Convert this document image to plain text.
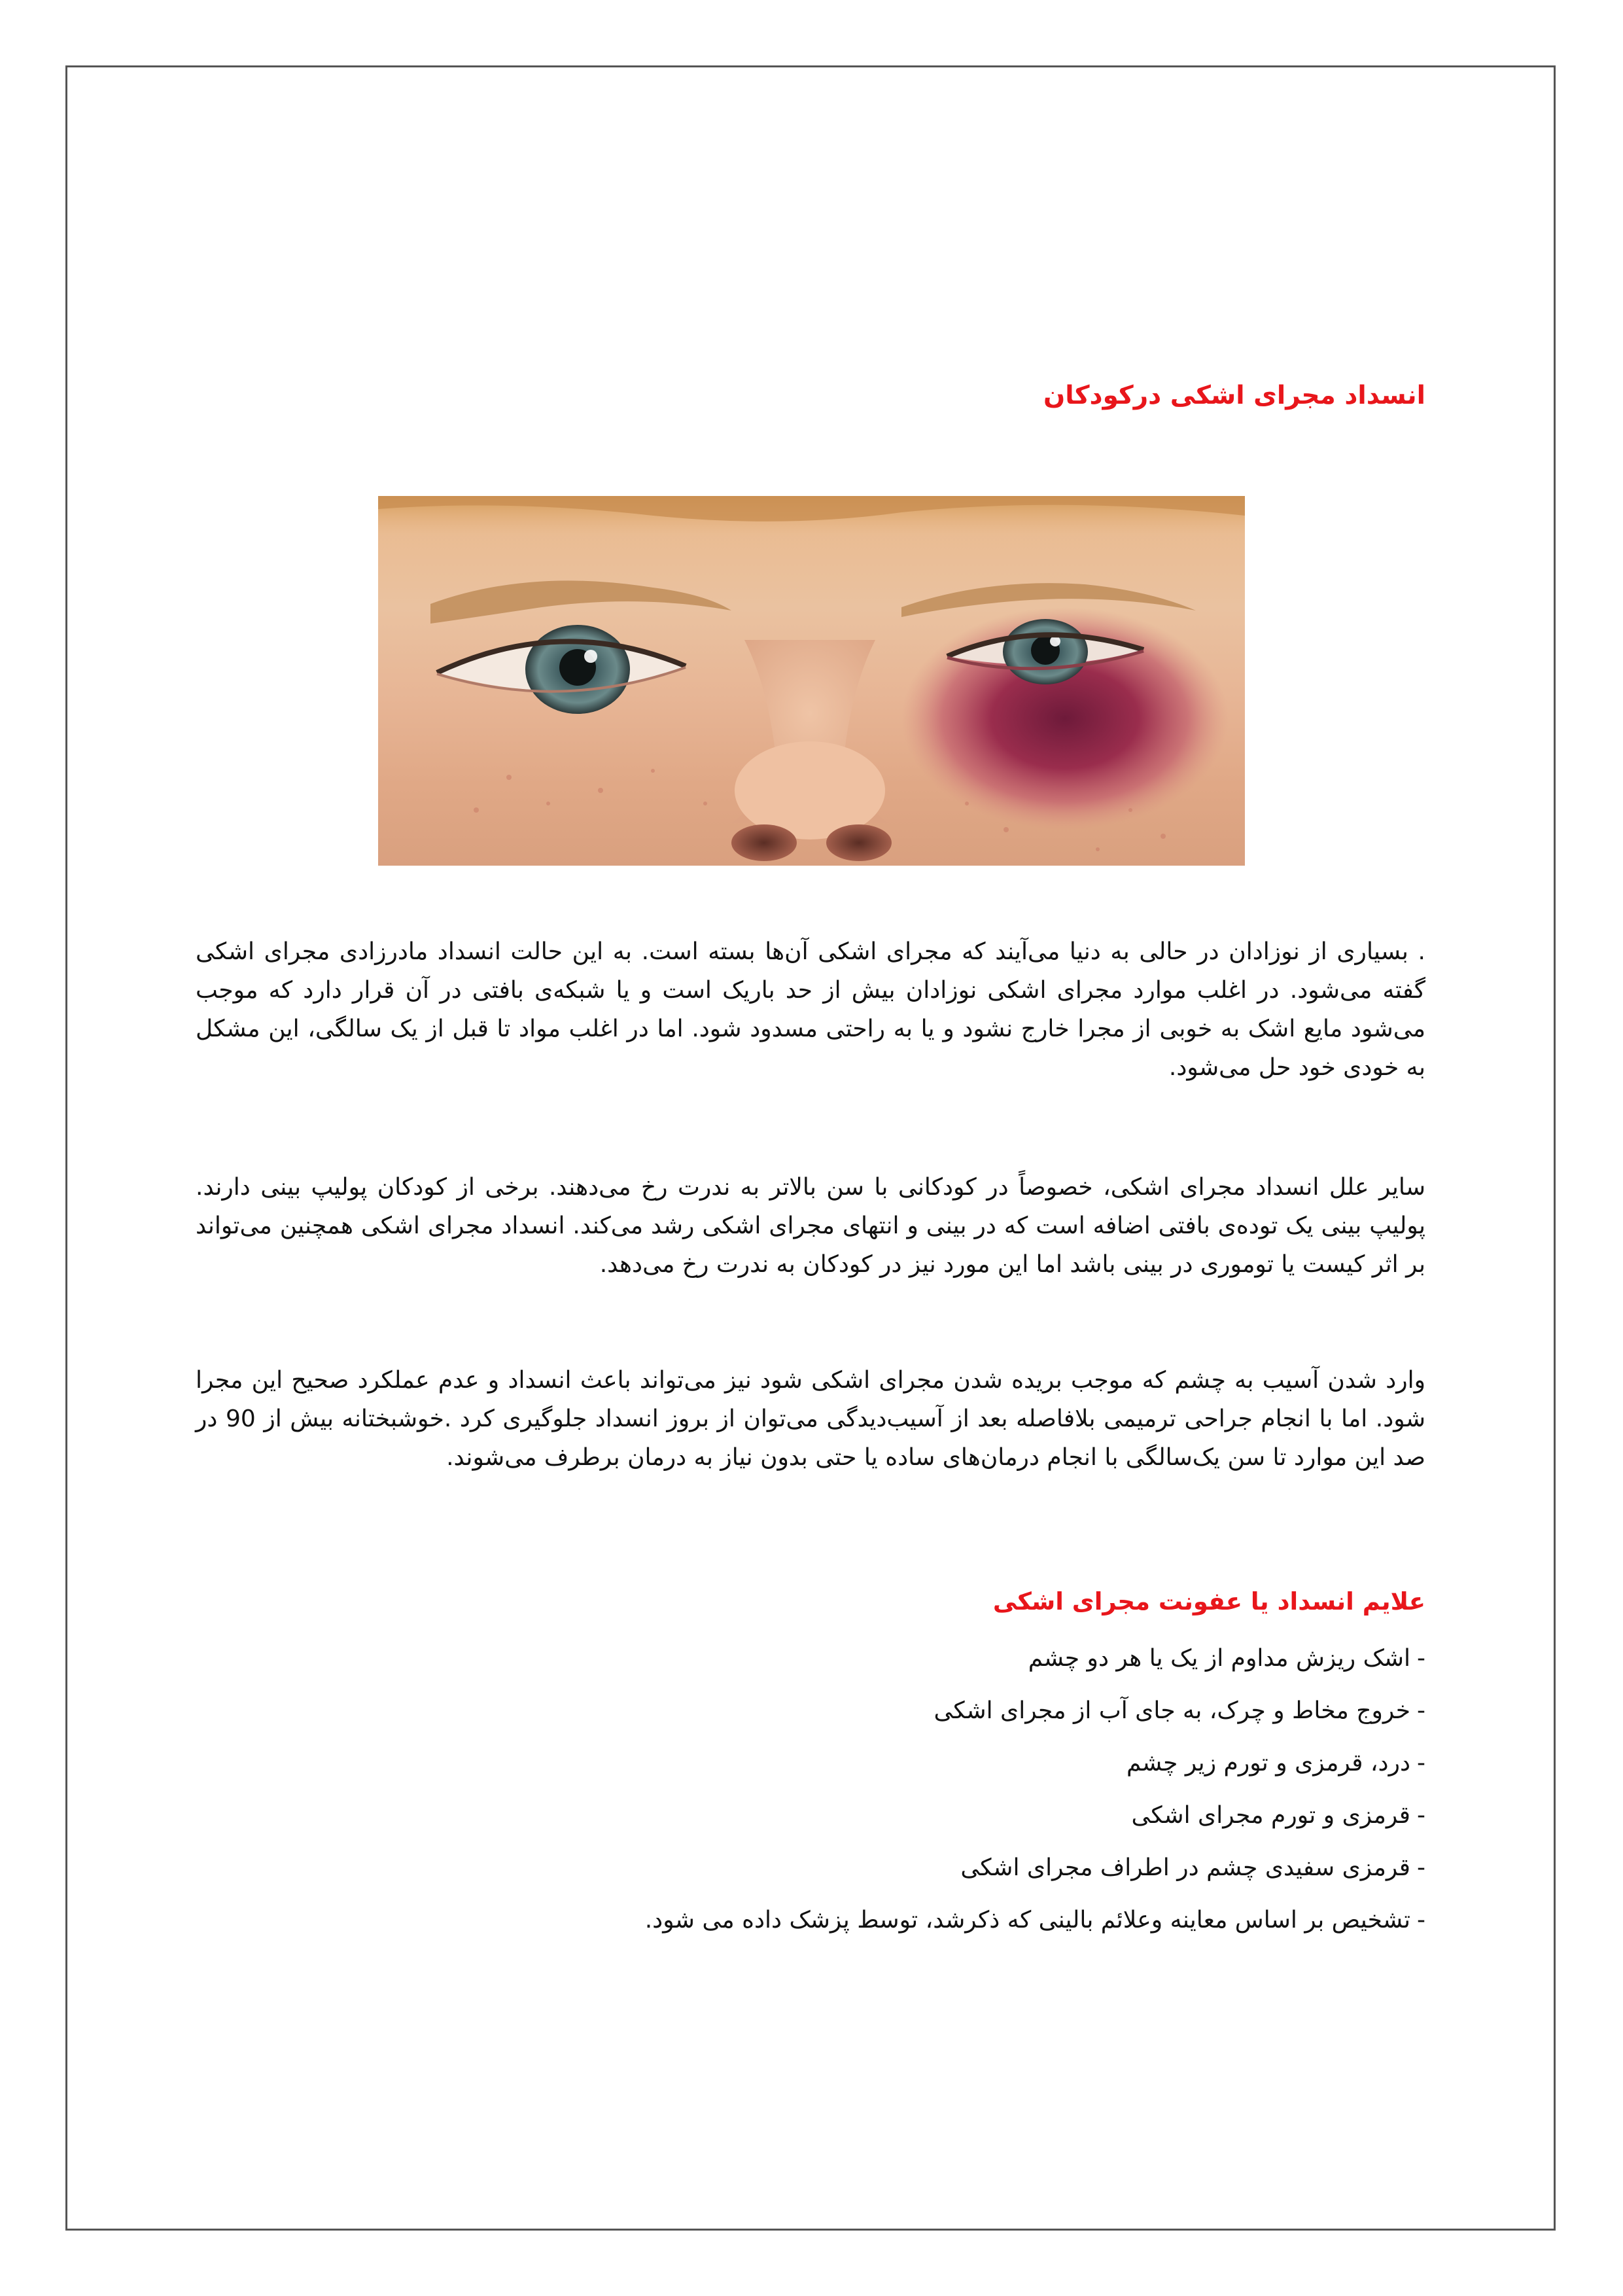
انسداد مجرای اشکی درکودکان
. بسیاری از نوزادان در حالی به دنیا می‌آیند که مجرای اشکی آن‌ها بسته است. به این حالت انسداد مادرزادی مجرای اشکی گفته می‌شود. در اغلب موارد مجرای اشکی نوزادان بیش از حد باریک است و یا شبکه‌ی بافتی در آن قرار دارد که موجب می‌شود مایع اشک به خوبی از مجرا خارج نشود و یا به راحتی مسدود شود. اما در اغلب مواد تا قبل از یک سالگی، این مشکل به خودی خود حل می‌شود.
سایر علل انسداد مجرای اشکی، خصوصاً در کودکانی با سن بالاتر به ندرت رخ می‌دهند. برخی از کودکان پولیپ بینی دارند. پولیپ بینی یک توده‌ی بافتی اضافه است که در بینی و انتهای مجرای اشکی رشد می‌کند. انسداد مجرای اشکی همچنین می‌تواند بر اثر کیست یا توموری در بینی باشد اما این مورد نیز در کودکان به ندرت رخ می‌دهد.
وارد شدن آسیب به چشم که موجب بریده شدن مجرای اشکی شود نیز می‌تواند باعث انسداد و عدم عملکرد صحیح این مجرا شود. اما با انجام جراحی ترمیمی بلافاصله بعد از آسیب‌دیدگی می‌توان از بروز انسداد جلوگیری کرد .خوشبختانه بیش از 90 در صد این موارد تا سن یک‌سالگی با انجام درمان‌های ساده یا حتی بدون نیاز به درمان برطرف می‌شوند.
علایم انسداد یا عفونت مجرای اشکی
-اشک ریزش مداوم از یک یا هر دو چشم
-خروج مخاط و چرک، به جای آب از مجرای اشکی
-درد، قرمزی و تورم زیر چشم
-قرمزی و تورم مجرای اشکی
-قرمزی سفیدی چشم در اطراف مجرای اشکی
-تشخیص بر اساس معاینه وعلائم بالینی که ذکرشد، توسط پزشک داده می شود.
